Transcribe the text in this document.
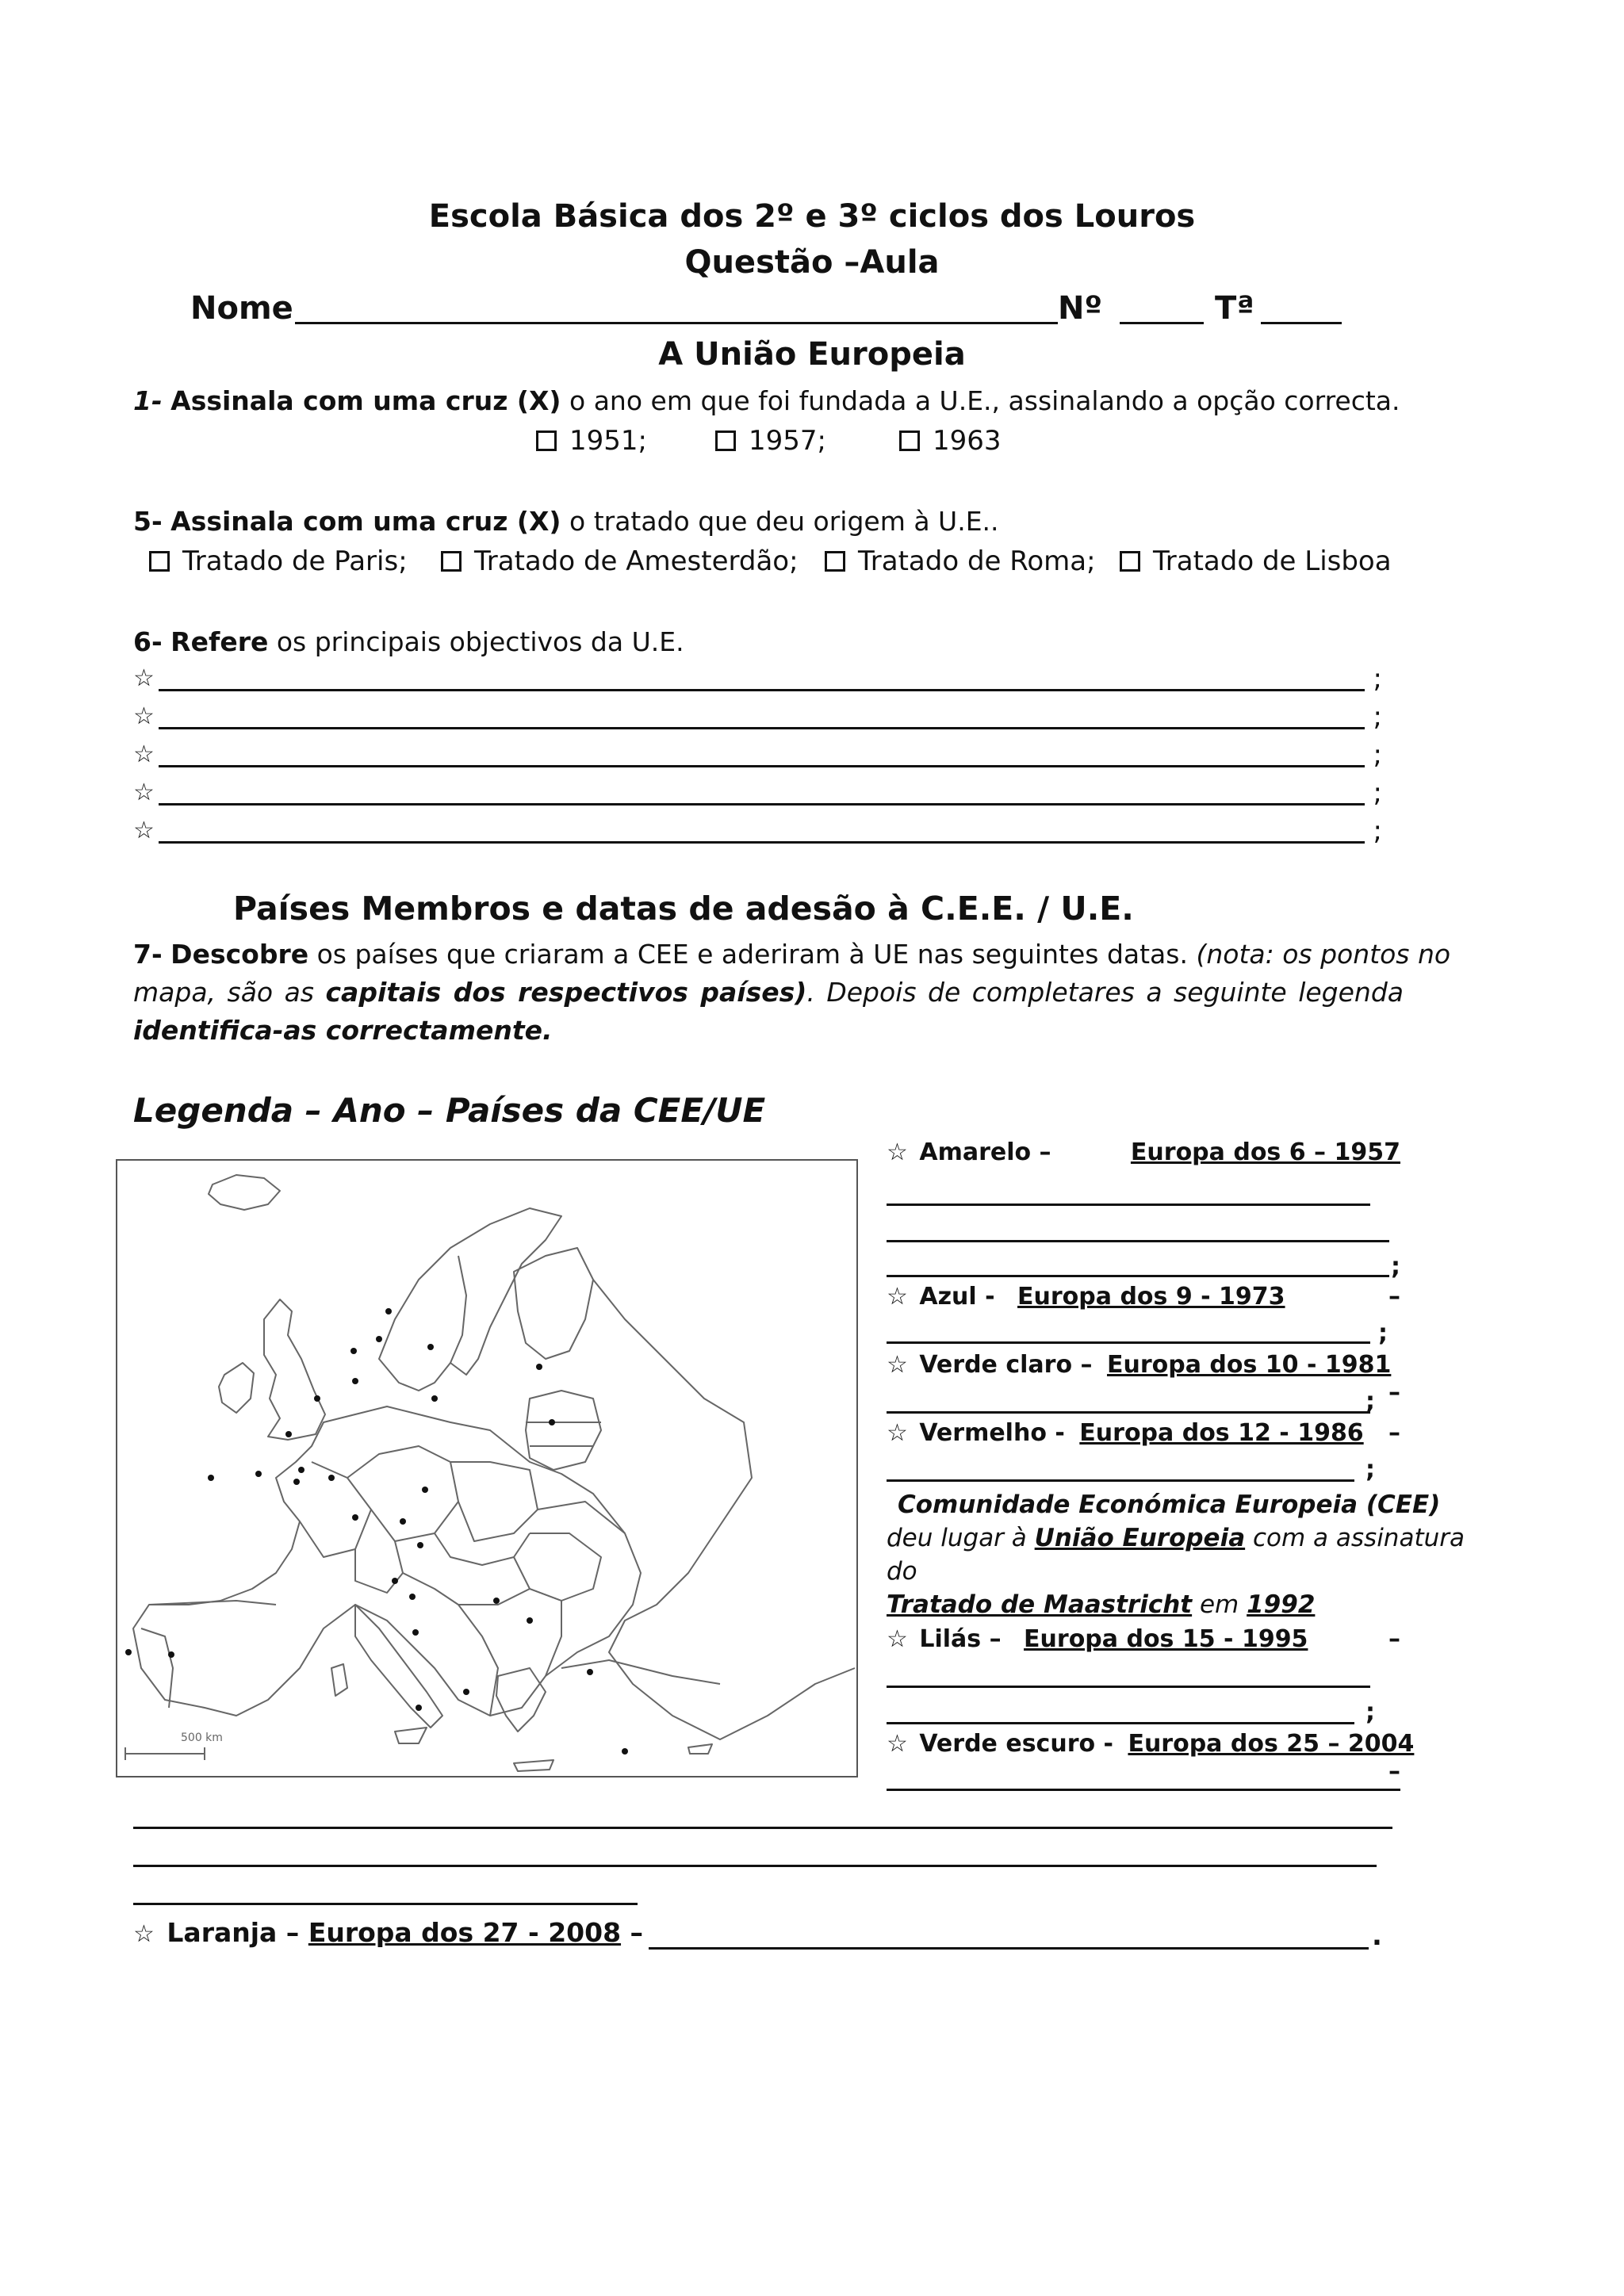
Escola Básica dos 2º e 3º ciclos dos Louros
Questão –Aula
Nome	Nº	Tª
A União Europeia
1- Assinala com uma cruz (X) o ano em que foi fundada a U.E., assinalando a opção correcta.
1951;	1957;	1963
5- Assinala com uma cruz (X) o tratado que deu origem à U.E..
Tratado de Paris;	Tratado de Amesterdão;	Tratado de Roma;	Tratado de Lisboa
6- Refere os principais objectivos da U.E.
☆	;
☆	;
☆	;
☆	;
☆	;
Países Membros e datas de adesão à C.E.E. / U.E.
7- Descobre os países que criaram a CEE e aderiram à UE nas seguintes datas. (nota: os pontos no
mapa, são as capitais dos respectivos países). Depois de completares a seguinte legenda
identifica-as correctamente.
Legenda – Ano – Países da CEE/UE
500 km
☆ Amarelo –	Europa dos 6 – 1957
;
☆ Azul - Europa dos 9 - 1973	–
;
☆ Verde claro – Europa dos 10 - 1981
–
;
☆ Vermelho - Europa dos 12 - 1986 –
;
Comunidade Económica Europeia (CEE)
deu lugar à União Europeia com a assinatura
do
Tratado de Maastricht em 1992
☆ Lilás – Europa dos 15 - 1995	–
;
☆ Verde escuro - Europa dos 25 – 2004
–
☆ Laranja – Europa dos 27 - 2008 –	.
